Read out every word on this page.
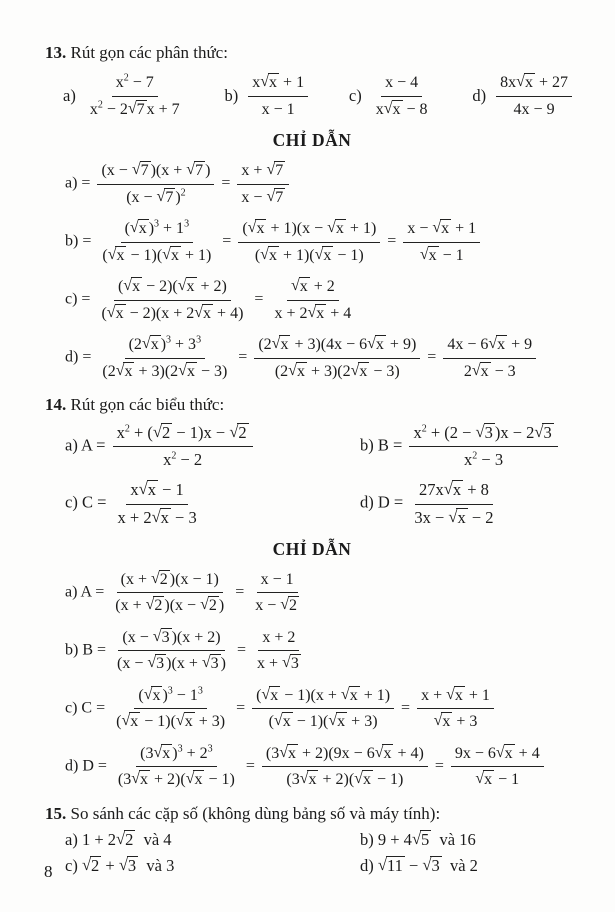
13. Rút gọn các phân thức:
$a) \frac{x^2 - 7}{x^2 - 2√7 x + 7} b) \frac{x√x + 1}{x - 1} c) \frac{x - 4}{x√x - 8} d) \frac{8x√x + 27}{4x - 9}$
CHỈ DẪN
$a) = \frac{(x - √7 )(x + √7 )}{(x - √7 )^2} = \frac{x + √7}{x - √7}$
$b) = \frac{(√x )^3 + 1^3}{(√x - 1)(√x + 1)} = \frac{(√x + 1)(x - √x + 1)}{(√x + 1)(√x - 1)} = \frac{x - √x + 1}{√x - 1}$
$c) = \frac{(√x - 2)(√x + 2)}{(√x - 2)(x + 2√x + 4)} = \frac{√x + 2}{x + 2√x + 4}$
$d) = \frac{(2√x )^3 + 3^3}{(2√x + 3)(2√x - 3)} = \frac{(2√x + 3)(4x - 6√x + 9)}{(2√x + 3)(2√x - 3)} = \frac{4x - 6√x + 9}{2√x - 3}$
14. Rút gọn các biểu thức:
a) $A = \frac{x^2 + (√2 - 1)x - √2}{x^2 - 2}$	b) $B = \frac{x^2 + (2 - √3 )x - 2√3}{x^2 - 3}$
c) $C = \frac{x√x - 1}{x + 2√x - 3}$	d) $D = \frac{27x√x + 8}{3x - √x - 2}$
CHỈ DẪN
a) $A = \frac{(x + √2 )(x - 1)}{(x + √2 )(x - √2 )} = \frac{x - 1}{x - √2}$
b) $B = \frac{(x - √3 )(x + 2)}{(x - √3 )(x + √3 )} = \frac{x + 2}{x + √3}$
c) $C = \frac{(√x )^3 - 1^3}{(√x - 1)(√x + 3)} = \frac{(√x - 1)(x + √x + 1)}{(√x - 1)(√x + 3)} = \frac{x + √x + 1}{√x + 3}$
d) $D = \frac{(3√x )^3 + 2^3}{(3√x + 2)(√x - 1)} = \frac{(3√x + 2)(9x - 6√x + 4)}{(3√x + 2)(√x - 1)} = \frac{9x - 6√x + 4}{√x - 1}$
15. So sánh các cặp số (không dùng bảng số và máy tính):
a) 1 + 2√2  và 4	b) 9 + 4√5  và 16
c) √2 + √3  và 3	d) √11 − √3  và 2
8
